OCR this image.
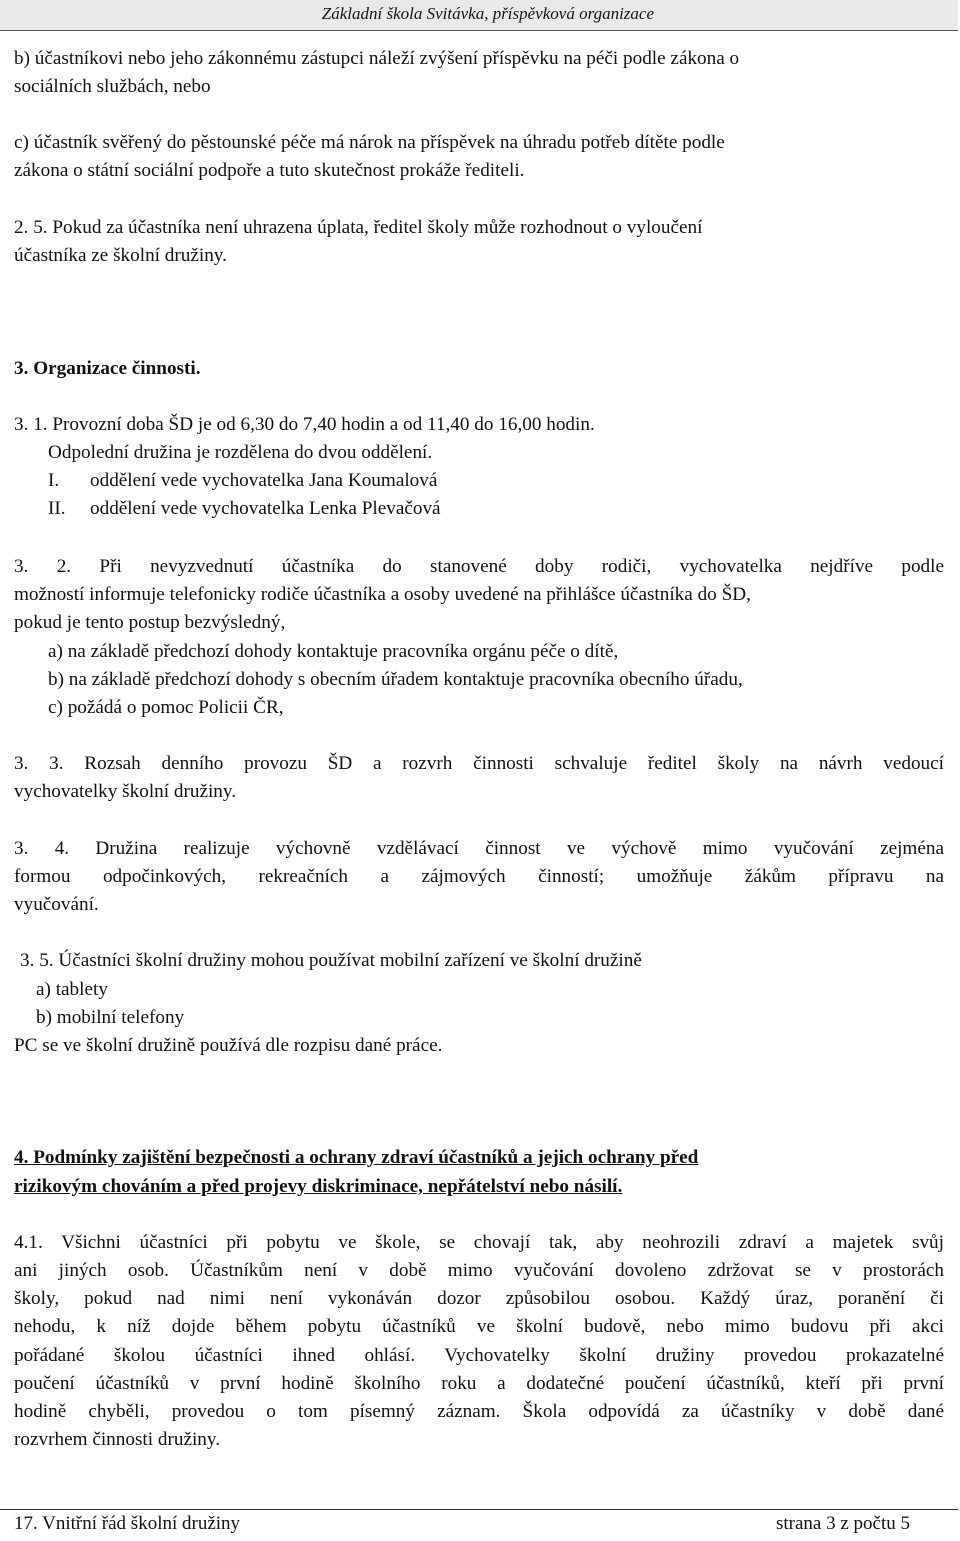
Základní škola Svitávka, příspěvková organizace
b) účastníkovi nebo jeho zákonnému zástupci náleží zvýšení příspěvku na péči podle zákona o
sociálních službách, nebo
c) účastník svěřený do pěstounské péče má nárok na příspěvek na úhradu potřeb dítěte podle
zákona o státní sociální podpoře a tuto skutečnost prokáže řediteli.
2. 5. Pokud za účastníka není uhrazena úplata, ředitel školy může rozhodnout o vyloučení
účastníka ze školní družiny.
3. Organizace činnosti.
3. 1. Provozní doba ŠD je od 6,30 do 7,40 hodin a od 11,40 do 16,00 hodin.
Odpolední družina je rozdělena do dvou oddělení.
I. oddělení vede vychovatelka Jana Koumalová
II. oddělení vede vychovatelka Lenka Plevačová
3. 2. Při nevyzvednutí účastníka do stanovené doby rodiči, vychovatelka nejdříve podle
možností informuje telefonicky rodiče účastníka a osoby uvedené na přihlášce účastníka do ŠD,
pokud je tento postup bezvýsledný,
a) na základě předchozí dohody kontaktuje pracovníka orgánu péče o dítě,
b) na základě předchozí dohody s obecním úřadem kontaktuje pracovníka obecního úřadu,
c) požádá o pomoc Policii ČR,
3. 3. Rozsah denního provozu ŠD a rozvrh činnosti schvaluje ředitel školy na návrh vedoucí
vychovatelky školní družiny.
3. 4. Družina realizuje výchovně vzdělávací činnost ve výchově mimo vyučování zejména
formou odpočinkových, rekreačních a zájmových činností; umožňuje žákům přípravu na
vyučování.
3. 5. Účastníci školní družiny mohou používat mobilní zařízení ve školní družině
a) tablety
b) mobilní telefony
PC se ve školní družině používá dle rozpisu dané práce.
4. Podmínky zajištění bezpečnosti a ochrany zdraví účastníků a jejich ochrany před
rizikovým chováním a před projevy diskriminace, nepřátelství nebo násilí.
4.1. Všichni účastníci při pobytu ve škole, se chovají tak, aby neohrozili zdraví a majetek svůj
ani jiných osob. Účastníkům není v době mimo vyučování dovoleno zdržovat se v prostorách
školy, pokud nad nimi není vykonáván dozor způsobilou osobou. Každý úraz, poranění či
nehodu, k níž dojde během pobytu účastníků ve školní budově, nebo mimo budovu při akci
pořádané školou účastníci ihned ohlásí. Vychovatelky školní družiny provedou prokazatelné
poučení účastníků v první hodině školního roku a dodatečné poučení účastníků, kteří při první
hodině chyběli, provedou o tom písemný záznam. Škola odpovídá za účastníky v době dané
rozvrhem činnosti družiny.
17. Vnitřní řád školní družiny	strana 3 z počtu 5
